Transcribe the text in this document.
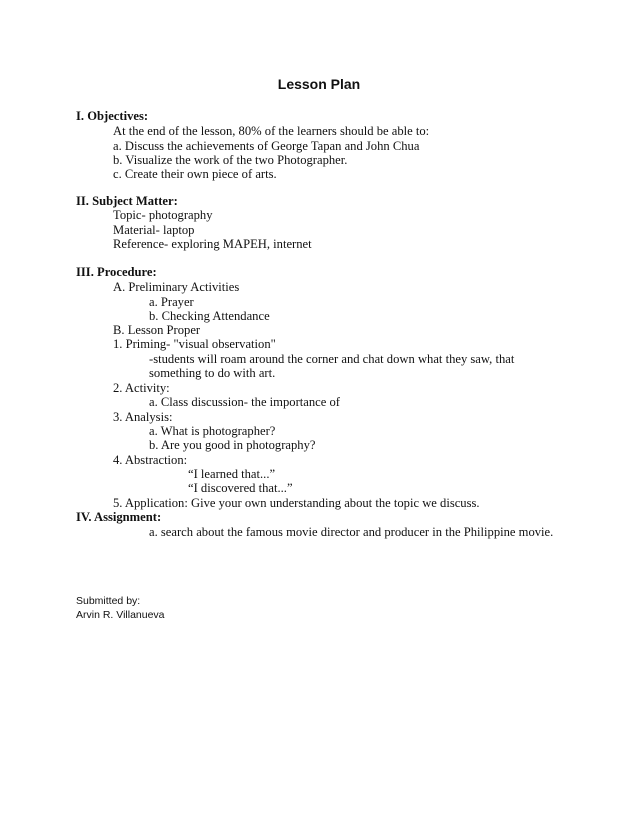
Lesson Plan
I. Objectives:
At the end of the lesson, 80% of the learners should be able to:
a. Discuss the achievements of George Tapan and John Chua
b. Visualize the work of the two Photographer.
c. Create their own piece of arts.
II. Subject Matter:
Topic- photography
Material- laptop
Reference- exploring MAPEH, internet
III. Procedure:
A. Preliminary Activities
a. Prayer
b. Checking Attendance
B. Lesson Proper
1. Priming- "visual observation"
-students will roam around the corner and chat down what they saw, that
something to do with art.
2. Activity:
a. Class discussion- the importance of
3. Analysis:
a. What is photographer?
b. Are you good in photography?
4. Abstraction:
“I learned that...”
“I discovered that...”
5. Application: Give your own understanding about the topic we discuss.
IV. Assignment:
a. search about the famous movie director and producer in the Philippine movie.
Submitted by:
Arvin R. Villanueva
